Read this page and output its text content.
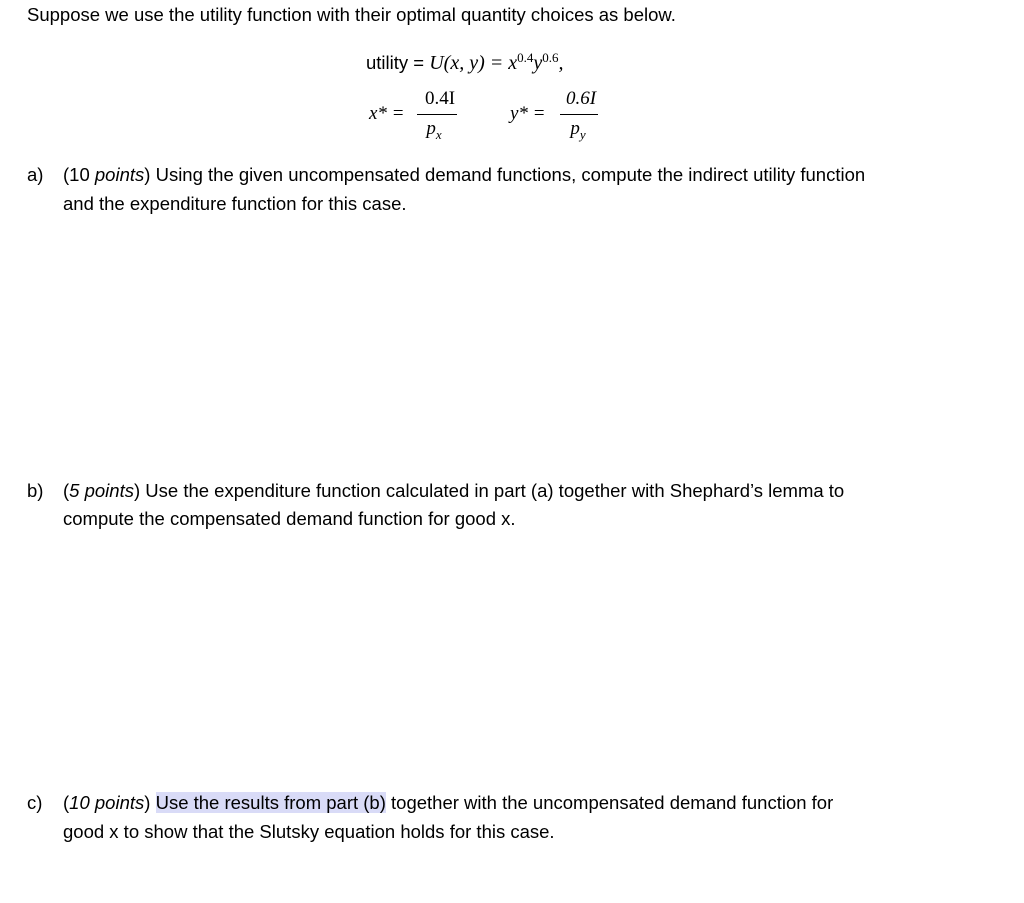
Suppose we use the utility function with their optimal quantity choices as below.
utility = U(x, $y) = x^{0.4}y^{0.6}$,
x* =
0.4I
$p_x$
y* =
0.6I
$p_y$
a) (10 points) Using the given uncompensated demand functions, compute the indirect utility function
and the expenditure function for this case.
b) (5 points) Use the expenditure function calculated in part (a) together with Shephard’s lemma to
compute the compensated demand function for good x.
c) (10 points) Use the results from part (b) together with the uncompensated demand function for
good x to show that the Slutsky equation holds for this case.
